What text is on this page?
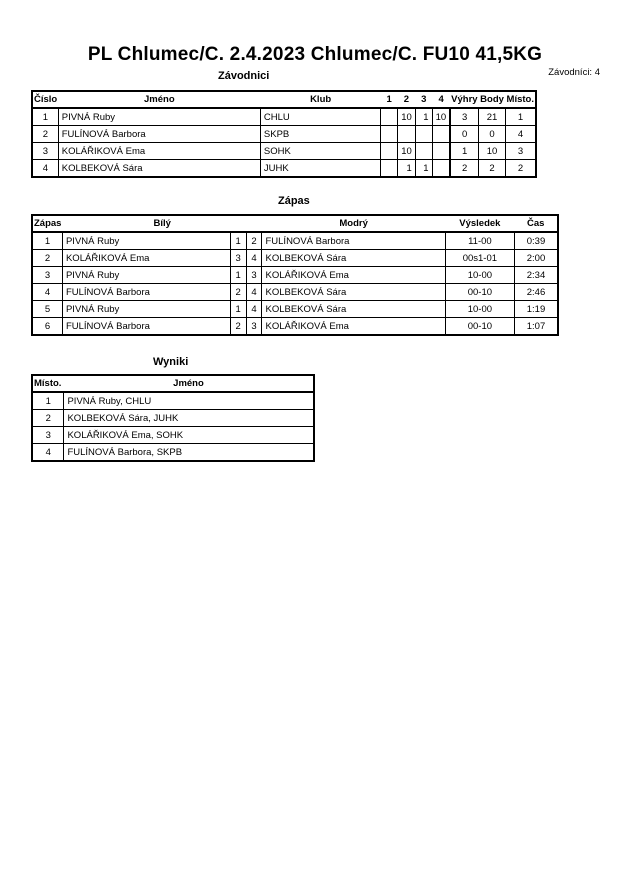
PL Chlumec/C. 2.4.2023 Chlumec/C. FU10 41,5KG
Závodníci: 4
Závodnici
Číslo	Jméno	Klub	1	2	3	4	Výhry	Body	Místo.
1	PIVNÁ Ruby	CHLU		10	1	10	3	21	1
2	FULÍNOVÁ Barbora	SKPB					0	0	4
3	KOLÁŘIKOVÁ Ema	SOHK		10			1	10	3
4	KOLBEKOVÁ Sára	JUHK		1	1		2	2	2
Zápas
Zápas	Bílý			Modrý	Výsledek	Čas
1	PIVNÁ Ruby	1	2	FULÍNOVÁ Barbora	11-00	0:39
2	KOLÁŘIKOVÁ Ema	3	4	KOLBEKOVÁ Sára	00s1-01	2:00
3	PIVNÁ Ruby	1	3	KOLÁŘIKOVÁ Ema	10-00	2:34
4	FULÍNOVÁ Barbora	2	4	KOLBEKOVÁ Sára	00-10	2:46
5	PIVNÁ Ruby	1	4	KOLBEKOVÁ Sára	10-00	1:19
6	FULÍNOVÁ Barbora	2	3	KOLÁŘIKOVÁ Ema	00-10	1:07
Wyniki
Místo.	Jméno
1	PIVNÁ Ruby, CHLU
2	KOLBEKOVÁ Sára, JUHK
3	KOLÁŘIKOVÁ Ema, SOHK
4	FULÍNOVÁ Barbora, SKPB
